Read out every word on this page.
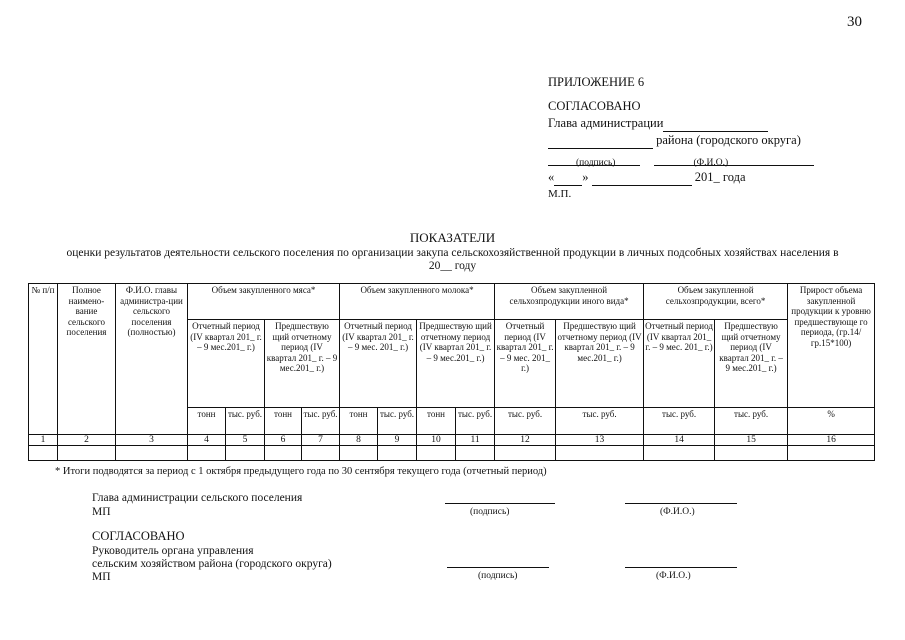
30
ПРИЛОЖЕНИЕ 6
СОГЛАСОВАНО
Глава администрации
района (городского округа)
(подпись)	(Ф.И.О.)
« »	201_ года
М.П.
ПОКАЗАТЕЛИ
оценки результатов деятельности сельского поселения по организации закупа сельскохозяйственной продукции в личных подсобных хозяйствах населения в 20__ году
№ п/п	Полное наимено-вание сельского поселения	Ф.И.О. главы администра-ции сельского поселения (полностью)	Объем закупленного мяса*				Объем закупленного молока*				Объем закупленной сельхозпродукции иного вида*		Объем закупленной сельхозпродукции, всего*		Прирост объема закупленной продукции к уровню предшествующе го периода, (гр.14/гр.15*100)
			Отчетный период (IV квартал 201_ г. – 9 мес.201_ г.)		Предшествую щий отчетному период (IV квартал 201_ г. – 9 мес.201_ г.)		Отчетный период (IV квартал 201_ г. – 9 мес. 201_ г.)		Предшествую щий отчетному период (IV квартал 201_ г. – 9 мес.201_ г.)		Отчетный период (IV квартал 201_ г. – 9 мес. 201_ г.)	Предшествую щий отчетному период (IV квартал 201_ г. – 9 мес.201_ г.)	Отчетный период (IV квартал 201_ г. – 9 мес. 201_ г.)	Предшествую щий отчетному период (IV квартал 201_ г. – 9 мес.201_ г.)	
			тонн	тыс. руб.	тонн	тыс. руб.	тонн	тыс. руб.	тонн	тыс. руб.	тыс. руб.	тыс. руб.	тыс. руб.	тыс. руб.	%
1	2	3	4	5	6	7	8	9	10	11	12	13	14	15	16

* Итоги подводятся за период с 1 октября предыдущего года по 30 сентября текущего года (отчетный период)
Глава администрации сельского поселения
МП	(подпись)	(Ф.И.О.)
СОГЛАСОВАНО
Руководитель органа управления
сельским хозяйством района (городского округа)
МП	(подпись)	(Ф.И.О.)
